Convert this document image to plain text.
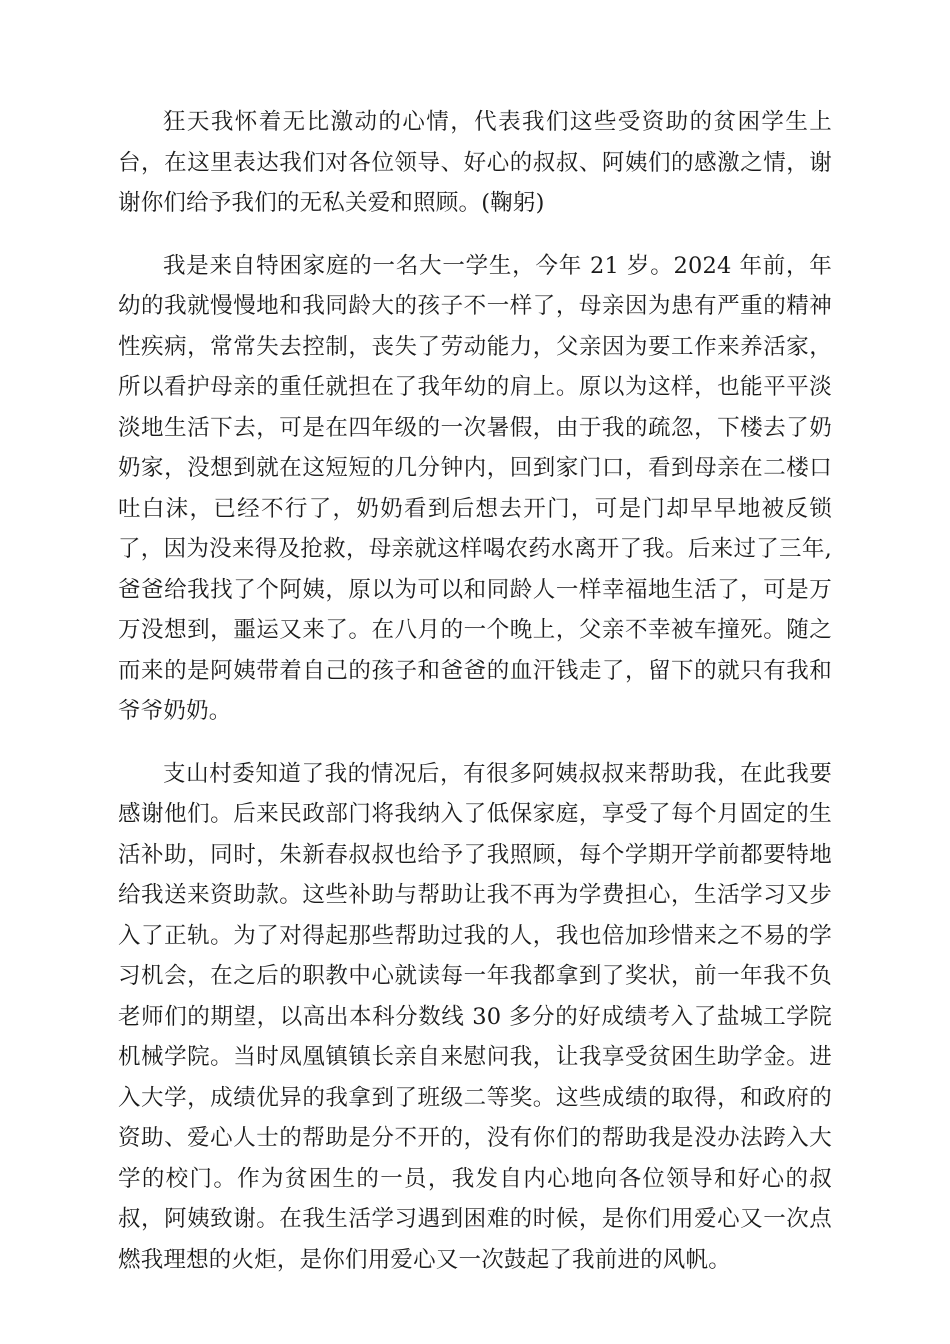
狂天我怀着无比激动的心情，代表我们这些受资助的贫困学生上台，在这里表达我们对各位领导、好心的叔叔、阿姨们的感激之情，谢谢你们给予我们的无私关爱和照顾。(鞠躬)

我是来自特困家庭的一名大一学生，今年 21 岁。2024 年前，年幼的我就慢慢地和我同龄大的孩子不一样了，母亲因为患有严重的精神性疾病，常常失去控制，丧失了劳动能力，父亲因为要工作来养活家，所以看护母亲的重任就担在了我年幼的肩上。原以为这样，也能平平淡淡地生活下去，可是在四年级的一次暑假，由于我的疏忽，下楼去了奶奶家，没想到就在这短短的几分钟内，回到家门口，看到母亲在二楼口吐白沫，已经不行了，奶奶看到后想去开门，可是门却早早地被反锁了，因为没来得及抢救，母亲就这样喝农药水离开了我。后来过了三年,爸爸给我找了个阿姨，原以为可以和同龄人一样幸福地生活了，可是万万没想到，噩运又来了。在八月的一个晚上，父亲不幸被车撞死。随之而来的是阿姨带着自己的孩子和爸爸的血汗钱走了，留下的就只有我和爷爷奶奶。

支山村委知道了我的情况后，有很多阿姨叔叔来帮助我，在此我要感谢他们。后来民政部门将我纳入了低保家庭，享受了每个月固定的生活补助，同时，朱新春叔叔也给予了我照顾，每个学期开学前都要特地给我送来资助款。这些补助与帮助让我不再为学费担心，生活学习又步入了正轨。为了对得起那些帮助过我的人，我也倍加珍惜来之不易的学习机会，在之后的职教中心就读每一年我都拿到了奖状，前一年我不负老师们的期望，以高出本科分数线 30 多分的好成绩考入了盐城工学院机械学院。当时凤凰镇镇长亲自来慰问我，让我享受贫困生助学金。进入大学，成绩优异的我拿到了班级二等奖。这些成绩的取得，和政府的资助、爱心人士的帮助是分不开的，没有你们的帮助我是没办法跨入大学的校门。作为贫困生的一员，我发自内心地向各位领导和好心的叔叔，阿姨致谢。在我生活学习遇到困难的时候，是你们用爱心又一次点燃我理想的火炬，是你们用爱心又一次鼓起了我前进的风帆。
